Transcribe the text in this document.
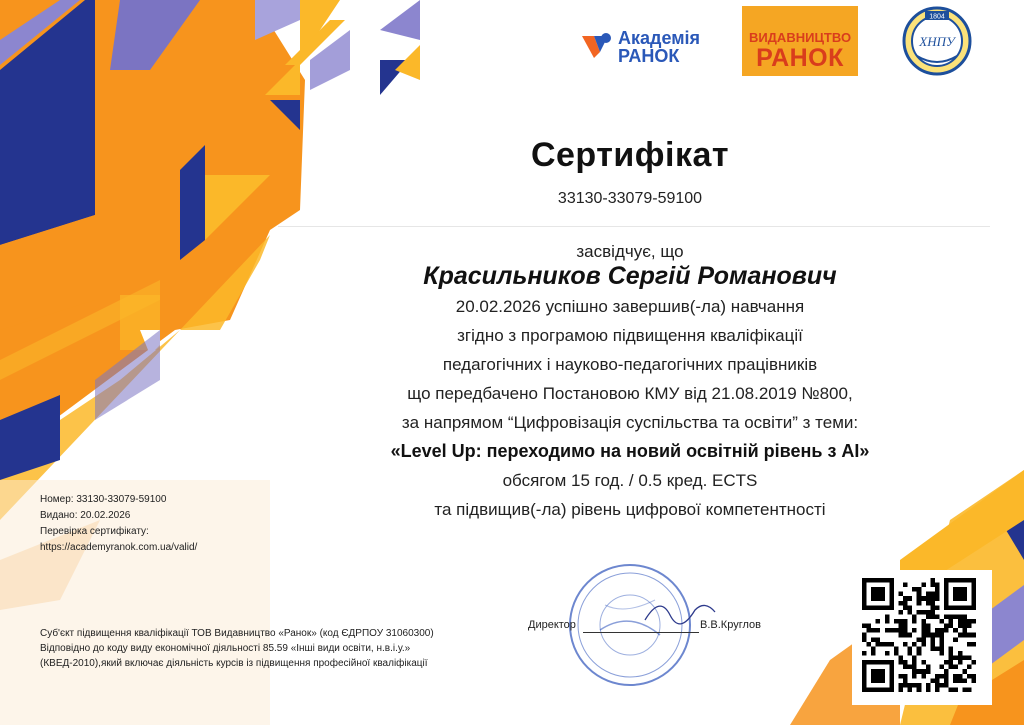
Академія
РАНОК
ВИДАВНИЦТВО
РАНОК
1804
ХНПУ
Сертифікат
33130-33079-59100
засвідчує, що
Красильников Сергій Романович
20.02.2026 успішно завершив(-ла) навчання
згідно з програмою підвищення кваліфікації
педагогічних і науково-педагогічних працівників
що передбачено Постановою КМУ від 21.08.2019 №800,
за напрямом “Цифровізація суспільства та освіти” з теми:
«Level Up: переходимо на новий освітній рівень з AI»
обсягом 15 год. / 0.5 кред. ECTS
та підвищив(-ла) рівень цифрової компетентності
Номер: 33130-33079-59100
Видано: 20.02.2026
Перевірка сертифікату:
https://academyranok.com.ua/valid/
Суб'єкт підвищення кваліфікації ТОВ Видавництво «Ранок» (код ЄДРПОУ 31060300)
Відповідно до коду виду економічної діяльності 85.59 «Інші види освіти, н.в.і.у.»
(КВЕД-2010),який включає діяльність курсів із підвищення професійної кваліфікації
Директор	В.В.Круглов
